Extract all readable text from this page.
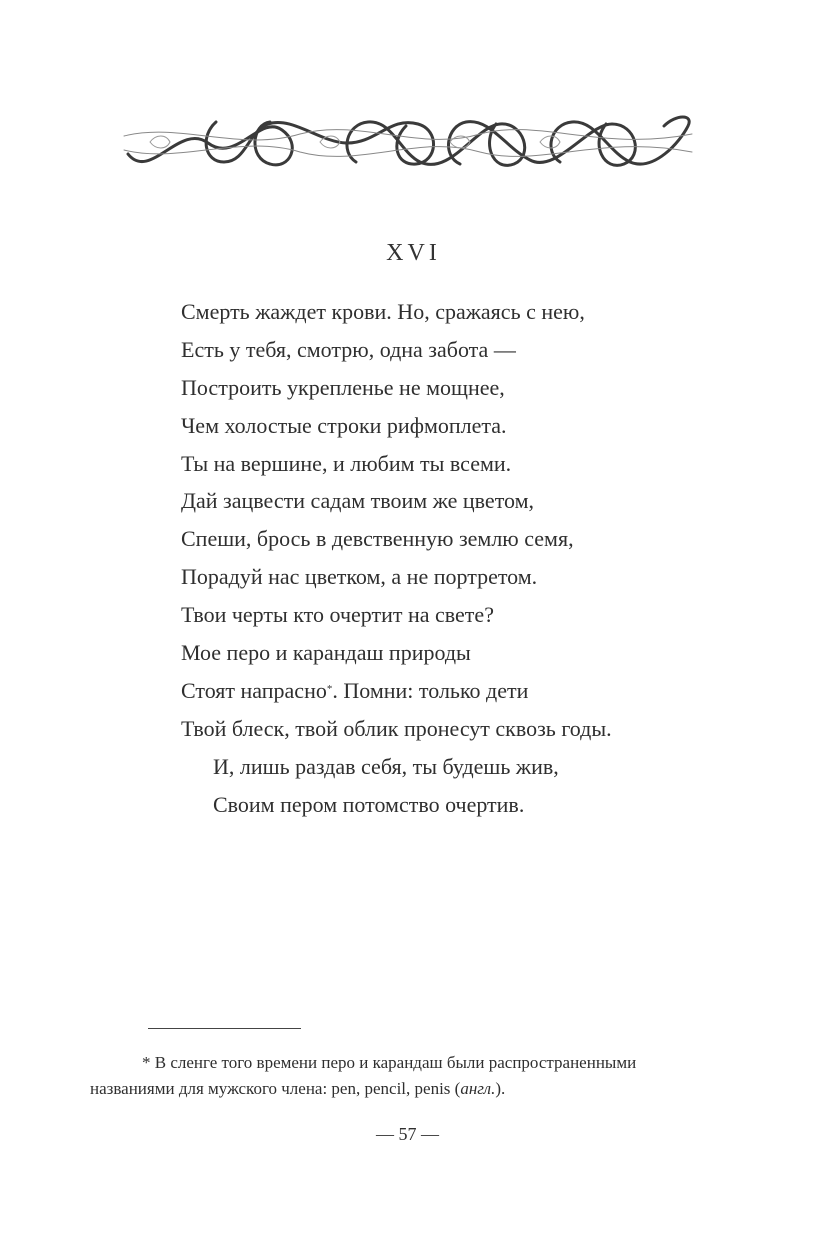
XVI
Смерть жаждет крови. Но, сражаясь с нею,
Есть у тебя, смотрю, одна забота —
Построить укрепленье не мощнее,
Чем холостые строки рифмоплета.
Ты на вершине, и любим ты всеми.
Дай зацвести садам твоим же цветом,
Спеши, брось в девственную землю семя,
Порадуй нас цветком, а не портретом.
Твои черты кто очертит на свете?
Мое перо и карандаш природы
Стоят напрасно*. Помни: только дети
Твой блеск, твой облик пронесут сквозь годы.
И, лишь раздав себя, ты будешь жив,
Своим пером потомство очертив.
* В сленге того времени перо и карандаш были распространенными
названиями для мужского члена: pen, pencil, penis (англ.).
— 57 —
